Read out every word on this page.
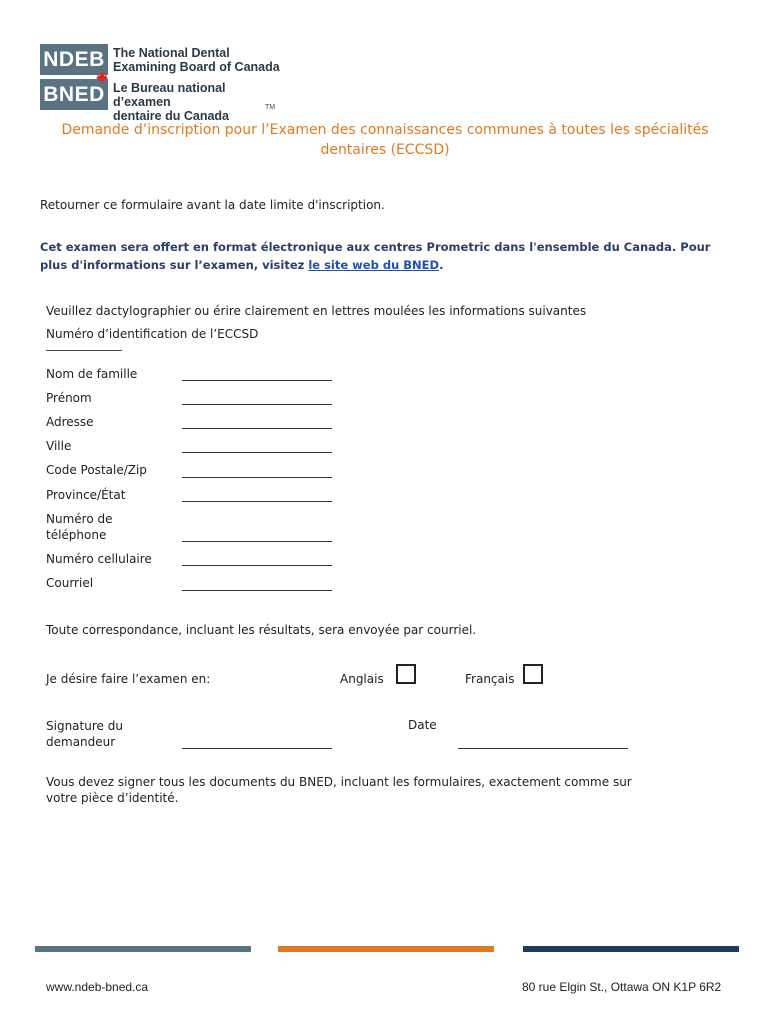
NDEB
BNED
The National Dental
Examining Board of Canada
Le Bureau national d’examen
dentaire du Canada
TM
Demande d’inscription pour l’Examen des connaissances communes à toutes les spécialités dentaires (ECCSD)
Retourner ce formulaire avant la date limite d'inscription.
Cet examen sera offert en format électronique aux centres Prometric dans l'ensemble du Canada. Pour plus d'informations sur l’examen, visitez le site web du BNED.
Veuillez dactylographier ou érire clairement en lettres moulées les informations suivantes
Numéro d’identification de l’ECCSD
Nom de famille
Prénom
Adresse
Ville
Code Postale/Zip
Province/État
Numéro de téléphone
Numéro cellulaire
Courriel
Toute correspondance, incluant les résultats, sera envoyée par courriel.
Je désire faire l’examen en:	Anglais	Français
Signature du demandeur
Date
Vous devez signer tous les documents du BNED, incluant les formulaires, exactement comme sur votre pièce d’identité.
www.ndeb-bned.ca	80 rue Elgin St., Ottawa ON K1P 6R2
